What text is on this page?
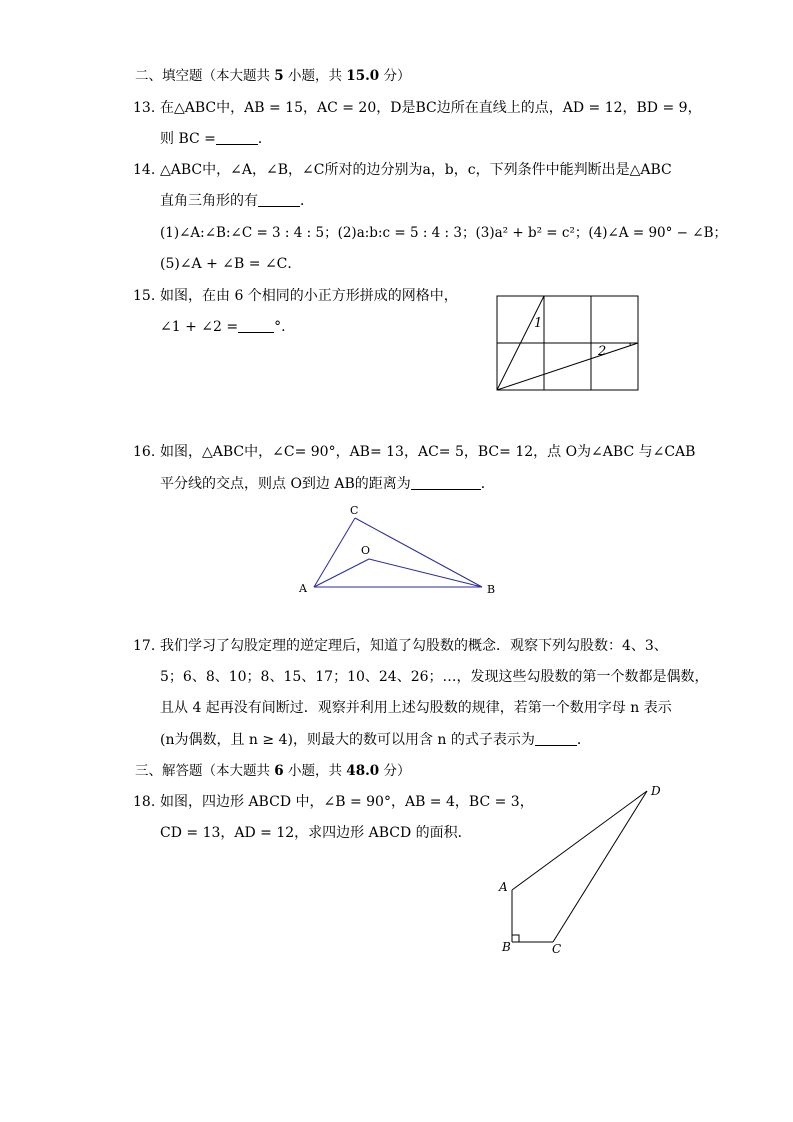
二、填空题（本大题共 5 小题，共 15.0 分）
13. 在△ABC中，AB = 15，AC = 20，D是BC边所在直线上的点，AD = 12，BD = 9，
则 BC =	．
14. △ABC中，∠A，∠B，∠C所对的边分别为a，b，c，下列条件中能判断出是△ABC
直角三角形的有	．
(1)∠A:∠B:∠C = 3 : 4 : 5；(2)a:b:c = 5 : 4 : 3；(3)a² + b² = c²；(4)∠A = 90° − ∠B；
(5)∠A + ∠B = ∠C．
15. 如图，在由 6 个相同的小正方形拼成的网格中，
∠1 + ∠2 =	°.	1
2
16. 如图，△ABC中，∠C= 90°，AB= 13，AC= 5，BC= 12，点 O为∠ABC 与∠CAB
平分线的交点，则点 O到边 AB的距离为	．
C
O
A	B
17. 我们学习了勾股定理的逆定理后，知道了勾股数的概念．观察下列勾股数：4、3、
5；6、8、10；8、15、17；10、24、26；…，发现这些勾股数的第一个数都是偶数，
且从 4 起再没有间断过．观察并利用上述勾股数的规律，若第一个数用字母 n 表示
(n为偶数，且 n ≥ 4)，则最大的数可以用含 n 的式子表示为	．
三、解答题（本大题共 6 小题，共 48.0 分）
18. 如图，四边形 ABCD 中，∠B = 90°，AB = 4，BC = 3，
CD = 13，AD = 12，求四边形 ABCD 的面积．
D
A
B	C
